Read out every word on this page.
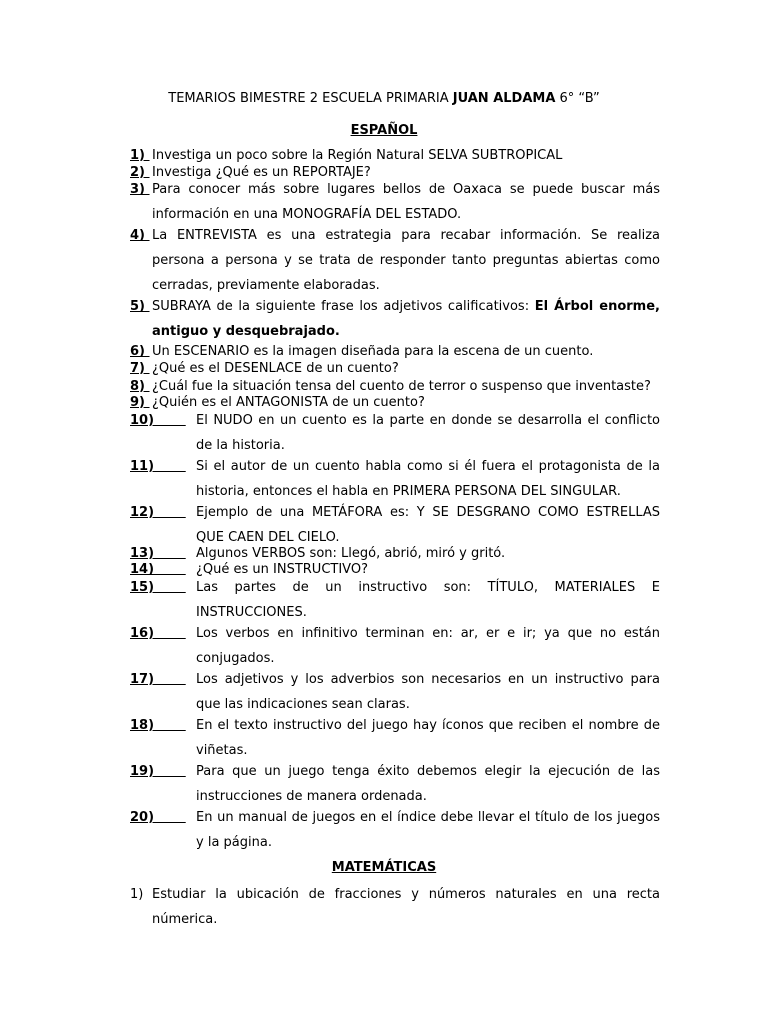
TEMARIOS BIMESTRE 2 ESCUELA PRIMARIA JUAN ALDAMA 6° “B”
ESPAÑOL
1) Investiga un poco sobre la Región Natural SELVA SUBTROPICAL

2) Investiga ¿Qué es un REPORTAJE?

3) Para conocer más sobre lugares bellos de Oaxaca se puede buscar más información en una MONOGRAFÍA DEL ESTADO.

4) La ENTREVISTA es una estrategia para recabar información. Se realiza persona a persona y se trata de responder tanto preguntas abiertas como cerradas, previamente elaboradas.

5) SUBRAYA de la siguiente frase los adjetivos calificativos: El Árbol enorme, antiguo y desquebrajado.

6) Un ESCENARIO es la imagen diseñada para la escena de un cuento.

7) ¿Qué es el DESENLACE de un cuento?

8) ¿Cuál fue la situación tensa del cuento de terror o suspenso que inventaste?

9) ¿Quién es el ANTAGONISTA de un cuento?

10) El NUDO en un cuento es la parte en donde se desarrolla el conflicto de la historia.

11) Si el autor de un cuento habla como si él fuera el protagonista de la historia, entonces el habla en PRIMERA PERSONA DEL SINGULAR.

12) Ejemplo de una METÁFORA es: Y SE DESGRANO COMO ESTRELLAS QUE CAEN DEL CIELO.

13) Algunos VERBOS son: Llegó, abrió, miró y gritó.

14) ¿Qué es un INSTRUCTIVO?

15) Las partes de un instructivo son: TÍTULO, MATERIALES E INSTRUCCIONES.

16) Los verbos en infinitivo terminan en: ar, er e ir; ya que no están conjugados.

17) Los adjetivos y los adverbios son necesarios en un instructivo para que las indicaciones sean claras.

18) En el texto instructivo del juego hay íconos que reciben el nombre de viñetas.

19) Para que un juego tenga éxito debemos elegir la ejecución de las instrucciones de manera ordenada.

20) En un manual de juegos en el índice debe llevar el título de los juegos y la página.

MATEMÁTICAS
1) Estudiar la ubicación de fracciones y números naturales en una recta númerica.
